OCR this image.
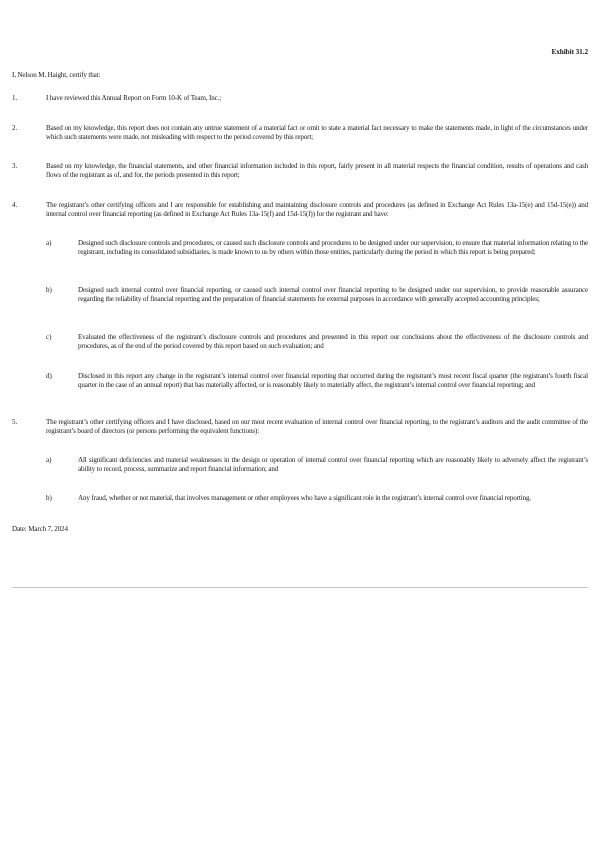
Exhibit 31.2

I, Nelson M. Haight, certify that:

1.	I have reviewed this Annual Report on Form 10-K of Team, Inc.;

2.	Based on my knowledge, this report does not contain any untrue statement of a material fact or omit to state a material fact necessary to make the statements made, in light of the circumstances under which such statements were made, not misleading with respect to the period covered by this report;

3.	Based on my knowledge, the financial statements, and other financial information included in this report, fairly present in all material respects the financial condition, results of operations and cash flows of the registrant as of, and for, the periods presented in this report;

4.	The registrant’s other certifying officers and I are responsible for establishing and maintaining disclosure controls and procedures (as defined in Exchange Act Rules 13a-15(e) and 15d-15(e)) and internal control over financial reporting (as defined in Exchange Act Rules 13a-15(f) and 15d-15(f)) for the registrant and have:

a)	Designed such disclosure controls and procedures, or caused such disclosure controls and procedures to be designed under our supervision, to ensure that material information relating to the registrant, including its consolidated subsidiaries, is made known to us by others within those entities, particularly during the period in which this report is being prepared;

b)	Designed such internal control over financial reporting, or caused such internal control over financial reporting to be designed under our supervision, to provide reasonable assurance regarding the reliability of financial reporting and the preparation of financial statements for external purposes in accordance with generally accepted accounting principles;

c)	Evaluated the effectiveness of the registrant’s disclosure controls and procedures and presented in this report our conclusions about the effectiveness of the disclosure controls and procedures, as of the end of the period covered by this report based on such evaluation; and

d)	Disclosed in this report any change in the registrant’s internal control over financial reporting that occurred during the registrant’s most recent fiscal quarter (the registrant’s fourth fiscal quarter in the case of an annual report) that has materially affected, or is reasonably likely to materially affect, the registrant’s internal control over financial reporting; and

5.	The registrant’s other certifying officers and I have disclosed, based on our most recent evaluation of internal control over financial reporting, to the registrant’s auditors and the audit committee of the registrant’s board of directors (or persons performing the equivalent functions):

a)	All significant deficiencies and material weaknesses in the design or operation of internal control over financial reporting which are reasonably likely to adversely affect the registrant’s ability to record, process, summarize and report financial information; and

b)	Any fraud, whether or not material, that involves management or other employees who have a significant role in the registrant’s internal control over financial reporting.

Date: March 7, 2024
